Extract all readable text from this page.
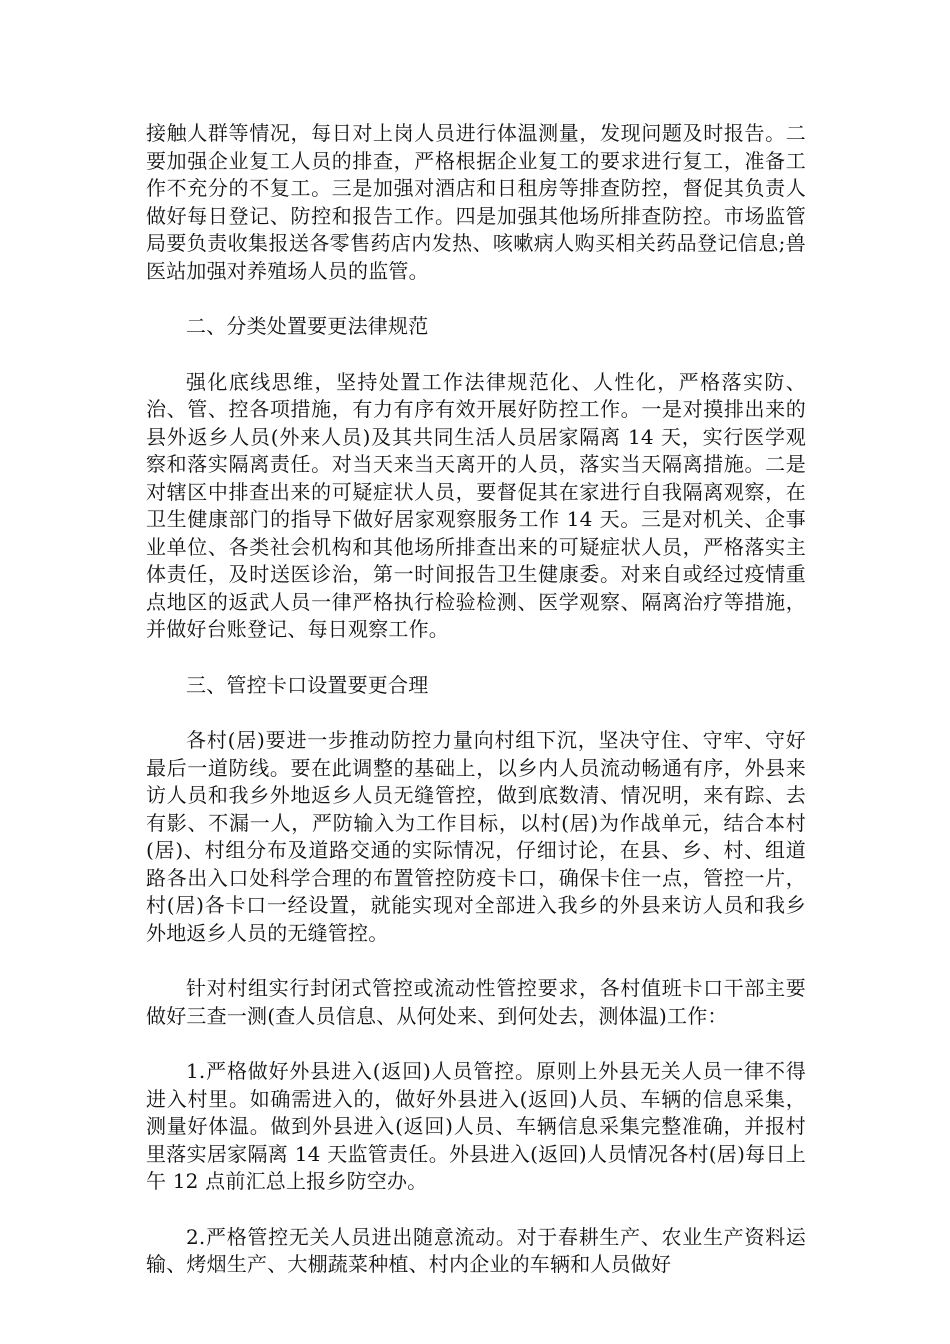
接触人群等情况，每日对上岗人员进行体温测量，发现问题及时报告。二要加强企业复工人员的排查，严格根据企业复工的要求进行复工，准备工作不充分的不复工。三是加强对酒店和日租房等排查防控，督促其负责人做好每日登记、防控和报告工作。四是加强其他场所排查防控。市场监管局要负责收集报送各零售药店内发热、咳嗽病人购买相关药品登记信息;兽医站加强对养殖场人员的监管。

二、分类处置要更法律规范

强化底线思维，坚持处置工作法律规范化、人性化，严格落实防、治、管、控各项措施，有力有序有效开展好防控工作。一是对摸排出来的县外返乡人员(外来人员)及其共同生活人员居家隔离 14 天，实行医学观察和落实隔离责任。对当天来当天离开的人员，落实当天隔离措施。二是对辖区中排查出来的可疑症状人员，要督促其在家进行自我隔离观察，在卫生健康部门的指导下做好居家观察服务工作 14 天。三是对机关、企事业单位、各类社会机构和其他场所排查出来的可疑症状人员，严格落实主体责任，及时送医诊治，第一时间报告卫生健康委。对来自或经过疫情重点地区的返武人员一律严格执行检验检测、医学观察、隔离治疗等措施，并做好台账登记、每日观察工作。

三、管控卡口设置要更合理

各村(居)要进一步推动防控力量向村组下沉，坚决守住、守牢、守好最后一道防线。要在此调整的基础上，以乡内人员流动畅通有序，外县来访人员和我乡外地返乡人员无缝管控，做到底数清、情况明，来有踪、去有影、不漏一人，严防输入为工作目标，以村(居)为作战单元，结合本村(居)、村组分布及道路交通的实际情况，仔细讨论，在县、乡、村、组道路各出入口处科学合理的布置管控防疫卡口，确保卡住一点，管控一片，村(居)各卡口一经设置，就能实现对全部进入我乡的外县来访人员和我乡外地返乡人员的无缝管控。

针对村组实行封闭式管控或流动性管控要求，各村值班卡口干部主要做好三查一测(查人员信息、从何处来、到何处去，测体温)工作：

1.严格做好外县进入(返回)人员管控。原则上外县无关人员一律不得进入村里。如确需进入的，做好外县进入(返回)人员、车辆的信息采集，测量好体温。做到外县进入(返回)人员、车辆信息采集完整准确，并报村里落实居家隔离 14 天监管责任。外县进入(返回)人员情况各村(居)每日上午 12 点前汇总上报乡防空办。

2.严格管控无关人员进出随意流动。对于春耕生产、农业生产资料运输、烤烟生产、大棚蔬菜种植、村内企业的车辆和人员做好
